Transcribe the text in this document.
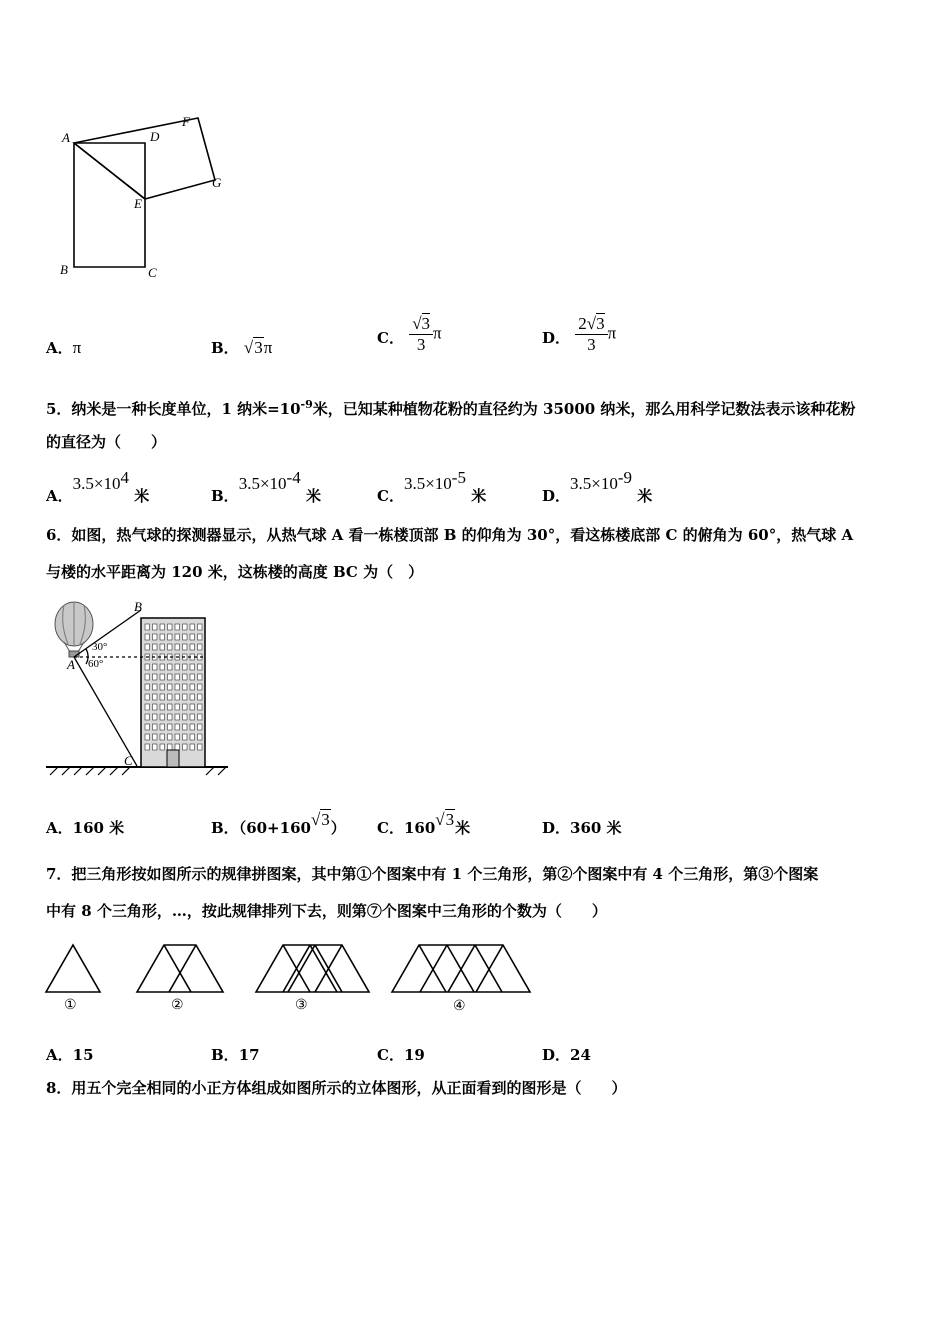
A	D
F
G
E
B	C
A．π	B． √3π
C． $\frac{√3}{3}$ π	D． $\frac{2√3}{3}$ π
5．纳米是一种长度单位，1 纳米$=10^{-9}$米，已知某种植物花粉的直径约为 35000 纳米，那么用科学记数法表示该种花粉
的直径为（　　）
A．$3.5\times 10^4$ 米	B．$3.5\times 10^{-4}$ 米	C．$3.5\times 10^{-5}$ 米	D．$3.5\times 10^{-9}$ 米
6．如图，热气球的探测器显示，从热气球 A 看一栋楼顶部 B 的仰角为 30°，看这栋楼底部 C 的俯角为 60°，热气球 A
与楼的水平距离为 120 米，这栋楼的高度 BC 为（　）
B
A
C
30°
60°
A．160 米	B．（60+160√3） C．160√3米	D．360 米
7．把三角形按如图所示的规律拼图案，其中第①个图案中有 1 个三角形，第②个图案中有 4 个三角形，第③个图案
中有 8 个三角形，…，按此规律排列下去，则第⑦个图案中三角形的个数为（　　）
①	②	③	④
A．15	B．17	C．19	D．24
8．用五个完全相同的小正方体组成如图所示的立体图形，从正面看到的图形是（　　）
